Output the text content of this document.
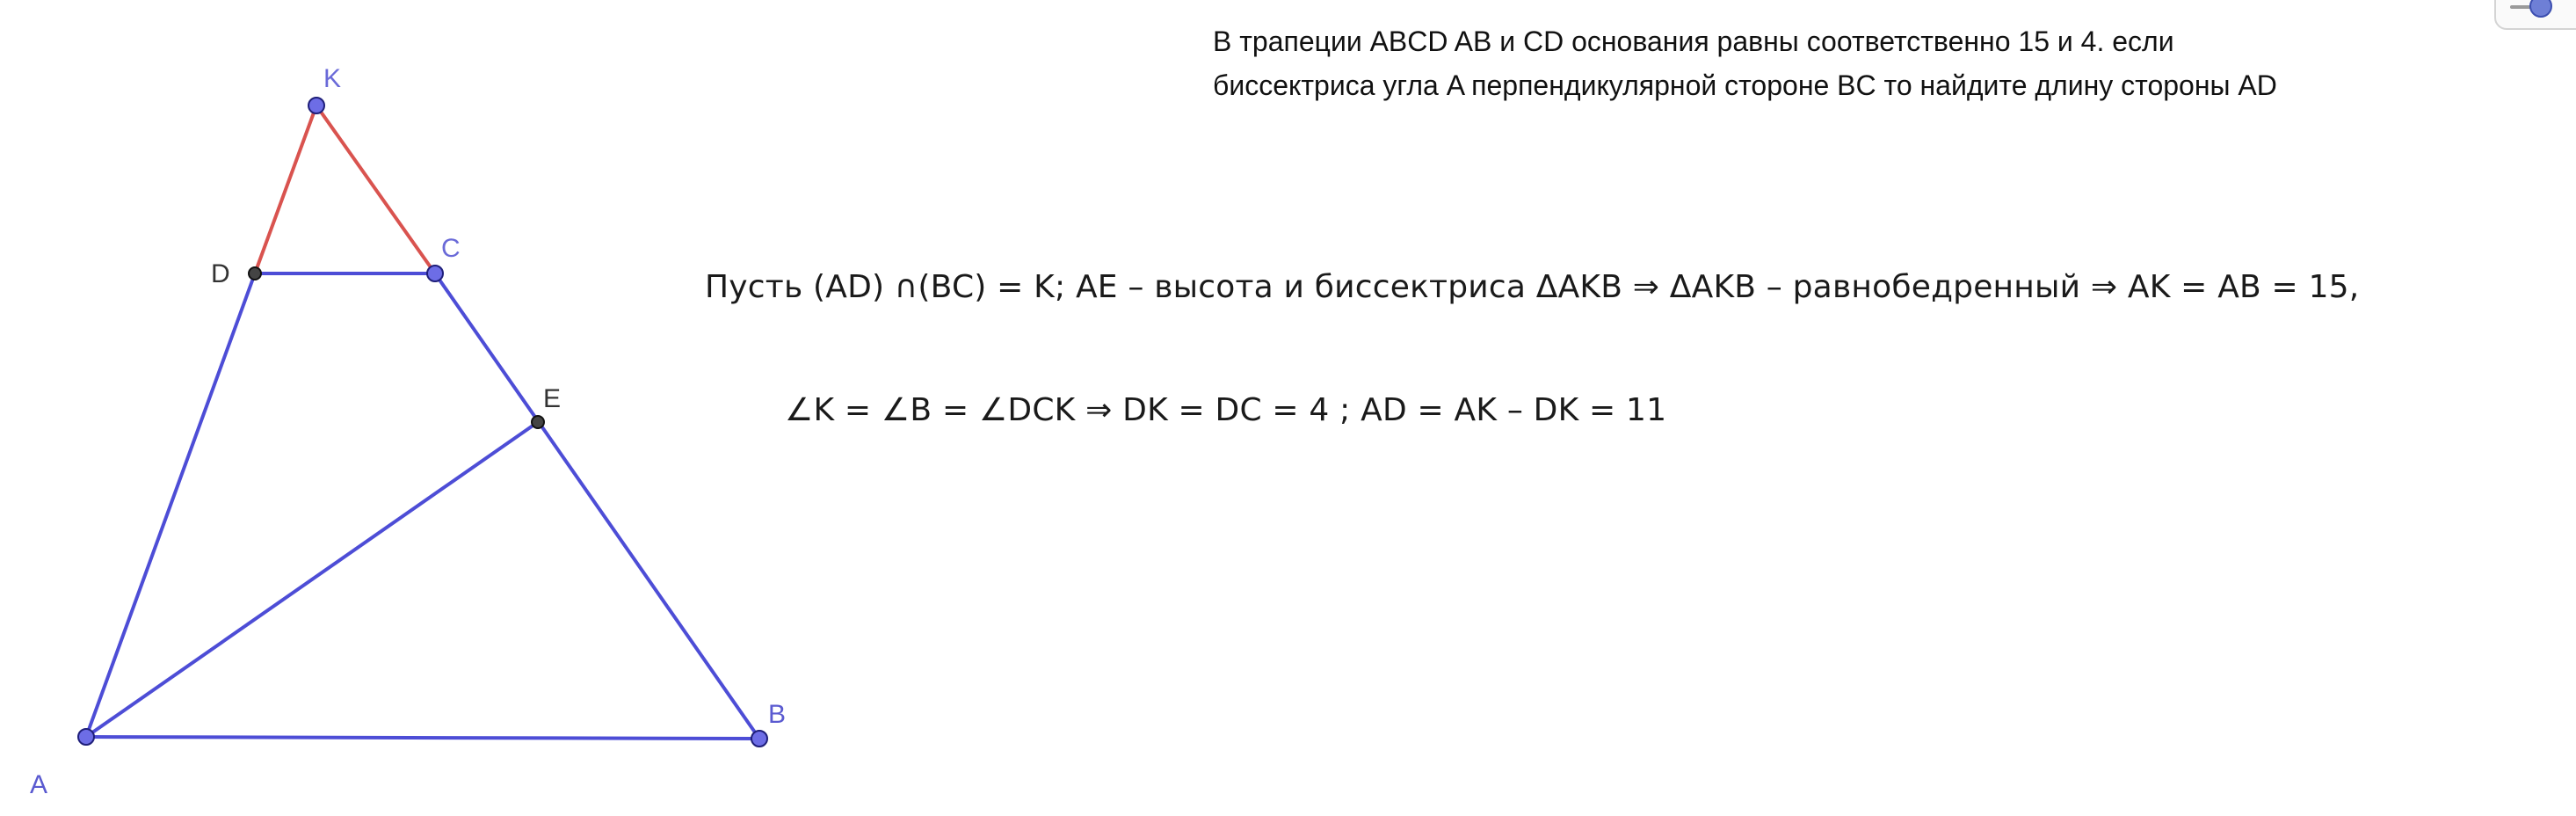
K
D
C
E
A
B
В трапеции ABCD AB и CD основания равны соответственно 15 и 4. если
биссектриса угла A перпендикулярной стороне BC то найдите длину стороны AD
Пусть (AD) ∩(BC) = K; AE – высота и биссектриса ΔAKB ⇒ ΔAKB – равнобедренный ⇒ AK = AB = 15,
∠K = ∠B = ∠DCK ⇒ DK = DC = 4 ; AD = AK – DK = 11
